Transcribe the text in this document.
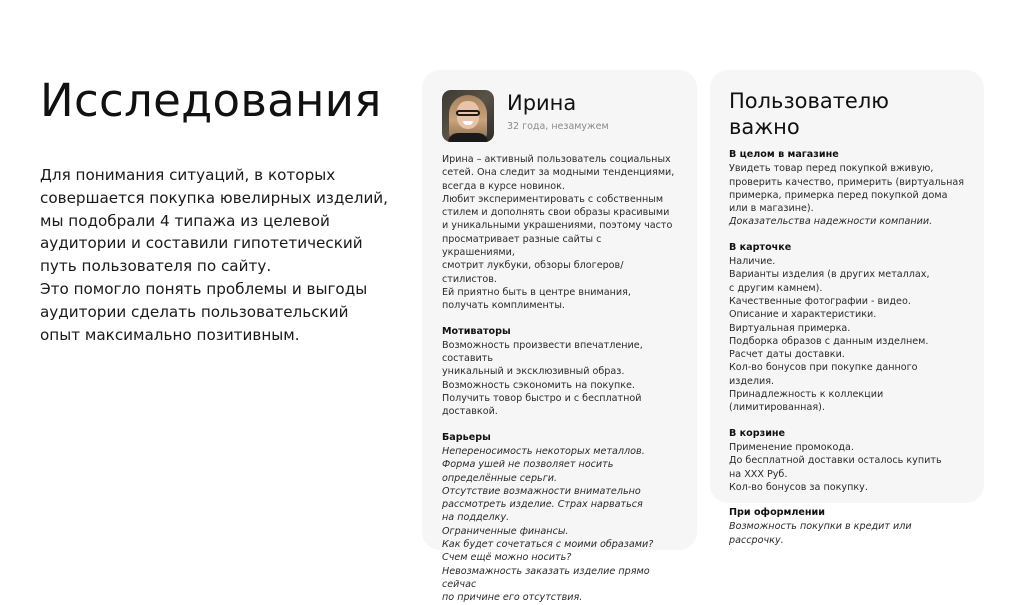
Исследования

Для понимания ситуаций, в которых

совершается покупка ювелирных изделий,

мы подобрали 4 типажа из целевой

аудитории и составили гипотетический

путь пользователя по сайту.

Это помогло понять проблемы и выгоды

аудитории сделать пользовательский

опыт максимально позитивным.

Ирина
32 года, незамужем

Ирина – активный пользователь социальных

сетей. Она следит за модными тенденциями,

всегда в курсе новинок.

Любит экспериментировать с собственным

стилем и дополнять свои образы красивыми

и уникальными украшениями, поэтому часто

просматривает разные сайты с украшениями,

смотрит лукбуки, обзоры блогеров/стилистов.

Ей приятно быть в центре внимания,

получать комплименты.

Мотиваторы

Возможность произвести впечатление, составить

уникальный и эксклюзивный образ.

Возможность сэкономить на покупке.

Получить товор быстро и с бесплатной доставкой.

Барьеры

Непереносимость некоторых металлов.

Форма ушей не позволяет носить

определённые серьги.

Отсутствие возмажности внимательно

рассмотреть изделие. Страх нарваться

на подделку.

Ограниченные финансы.

Как будет сочетаться с моими образами?

Счем ещё можно носить?

Невозмажность заказать изделие прямо сейчас

по причине его отсутствия.

Пользователю важно
В целом в магазине

Увидеть товар перед покупкой вживую,

проверить качество, примерить (виртуальная

примерка, примерка перед покупкой дома

или в магазине).

Доказательства надежности компании.

В карточке

Наличие.

Варианты изделия (в других металлах,

с другим камнем).

Качественные фотографии - видео.

Описание и характеристики.

Виртуальная примерка.

Подборка образов с данным изделнем.

Расчет даты доставки.

Кол-во бонусов при покупке данного изделия.

Принадлежность к коллекции (лимитированная).

В корзине

Применение промокода.

До бесплатной доставки осталось купить

на XXX Руб.

Кол-во бонусов за покупку.

При оформлении

Возможность покупки в кредит или рассрочку.
